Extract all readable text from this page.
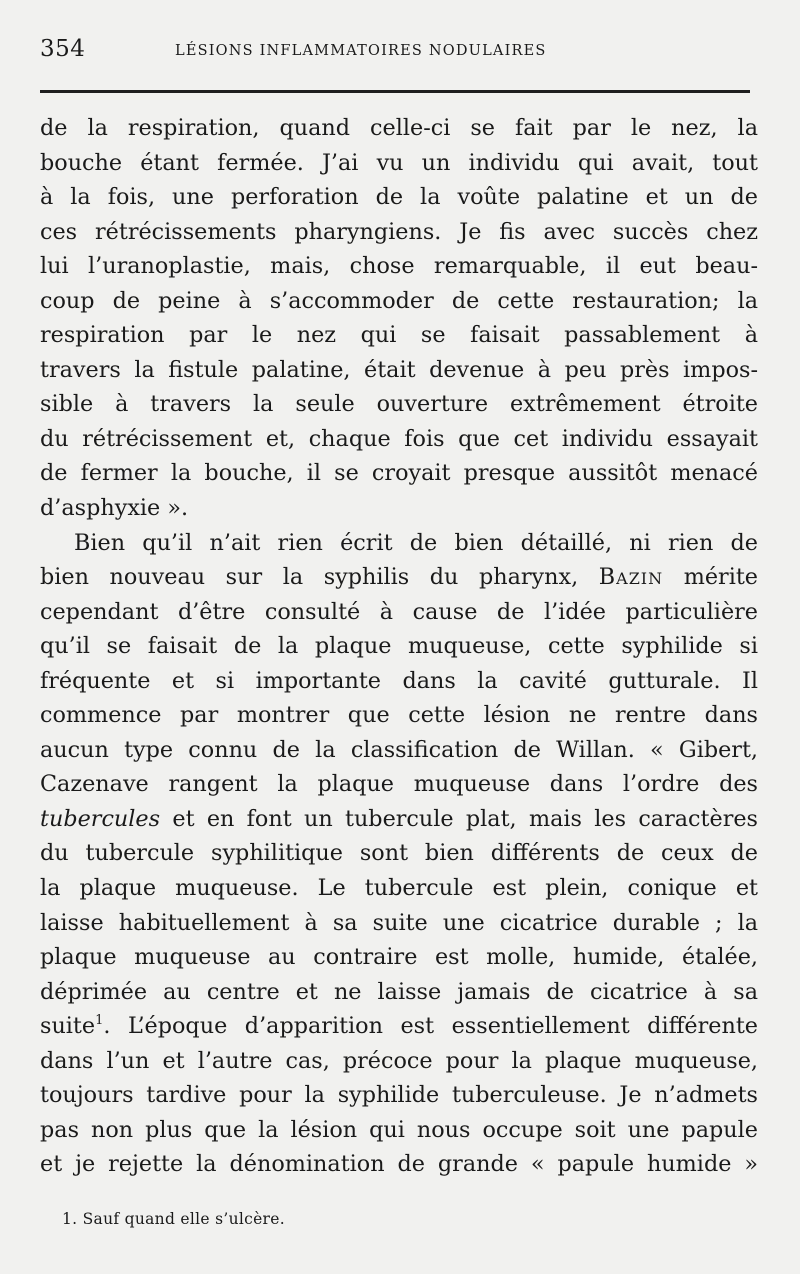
354	LÉSIONS INFLAMMATOIRES NODULAIRES
de la respiration, quand celle-ci se fait par le nez, la
bouche étant fermée. J’ai vu un individu qui avait, tout
à la fois, une perforation de la voûte palatine et un de
ces rétrécissements pharyngiens. Je fis avec succès chez
lui l’uranoplastie, mais, chose remarquable, il eut beau-
coup de peine à s’accommoder de cette restauration; la
respiration par le nez qui se faisait passablement à
travers la fistule palatine, était devenue à peu près impos-
sible à travers la seule ouverture extrêmement étroite
du rétrécissement et, chaque fois que cet individu essayait
de fermer la bouche, il se croyait presque aussitôt menacé
d’asphyxie ».
Bien qu’il n’ait rien écrit de bien détaillé, ni rien de
bien nouveau sur la syphilis du pharynx, Bazin mérite
cependant d’être consulté à cause de l’idée particulière
qu’il se faisait de la plaque muqueuse, cette syphilide si
fréquente et si importante dans la cavité gutturale. Il
commence par montrer que cette lésion ne rentre dans
aucun type connu de la classification de Willan. « Gibert,
Cazenave rangent la plaque muqueuse dans l’ordre des
tubercules et en font un tubercule plat, mais les caractères
du tubercule syphilitique sont bien différents de ceux de
la plaque muqueuse. Le tubercule est plein, conique et
laisse habituellement à sa suite une cicatrice durable ; la
plaque muqueuse au contraire est molle, humide, étalée,
déprimée au centre et ne laisse jamais de cicatrice à sa
suite$^1$. L’époque d’apparition est essentiellement différente
dans l’un et l’autre cas, précoce pour la plaque muqueuse,
toujours tardive pour la syphilide tuberculeuse. Je n’admets
pas non plus que la lésion qui nous occupe soit une papule
et je rejette la dénomination de grande « papule humide »
1. Sauf quand elle s’ulcère.
